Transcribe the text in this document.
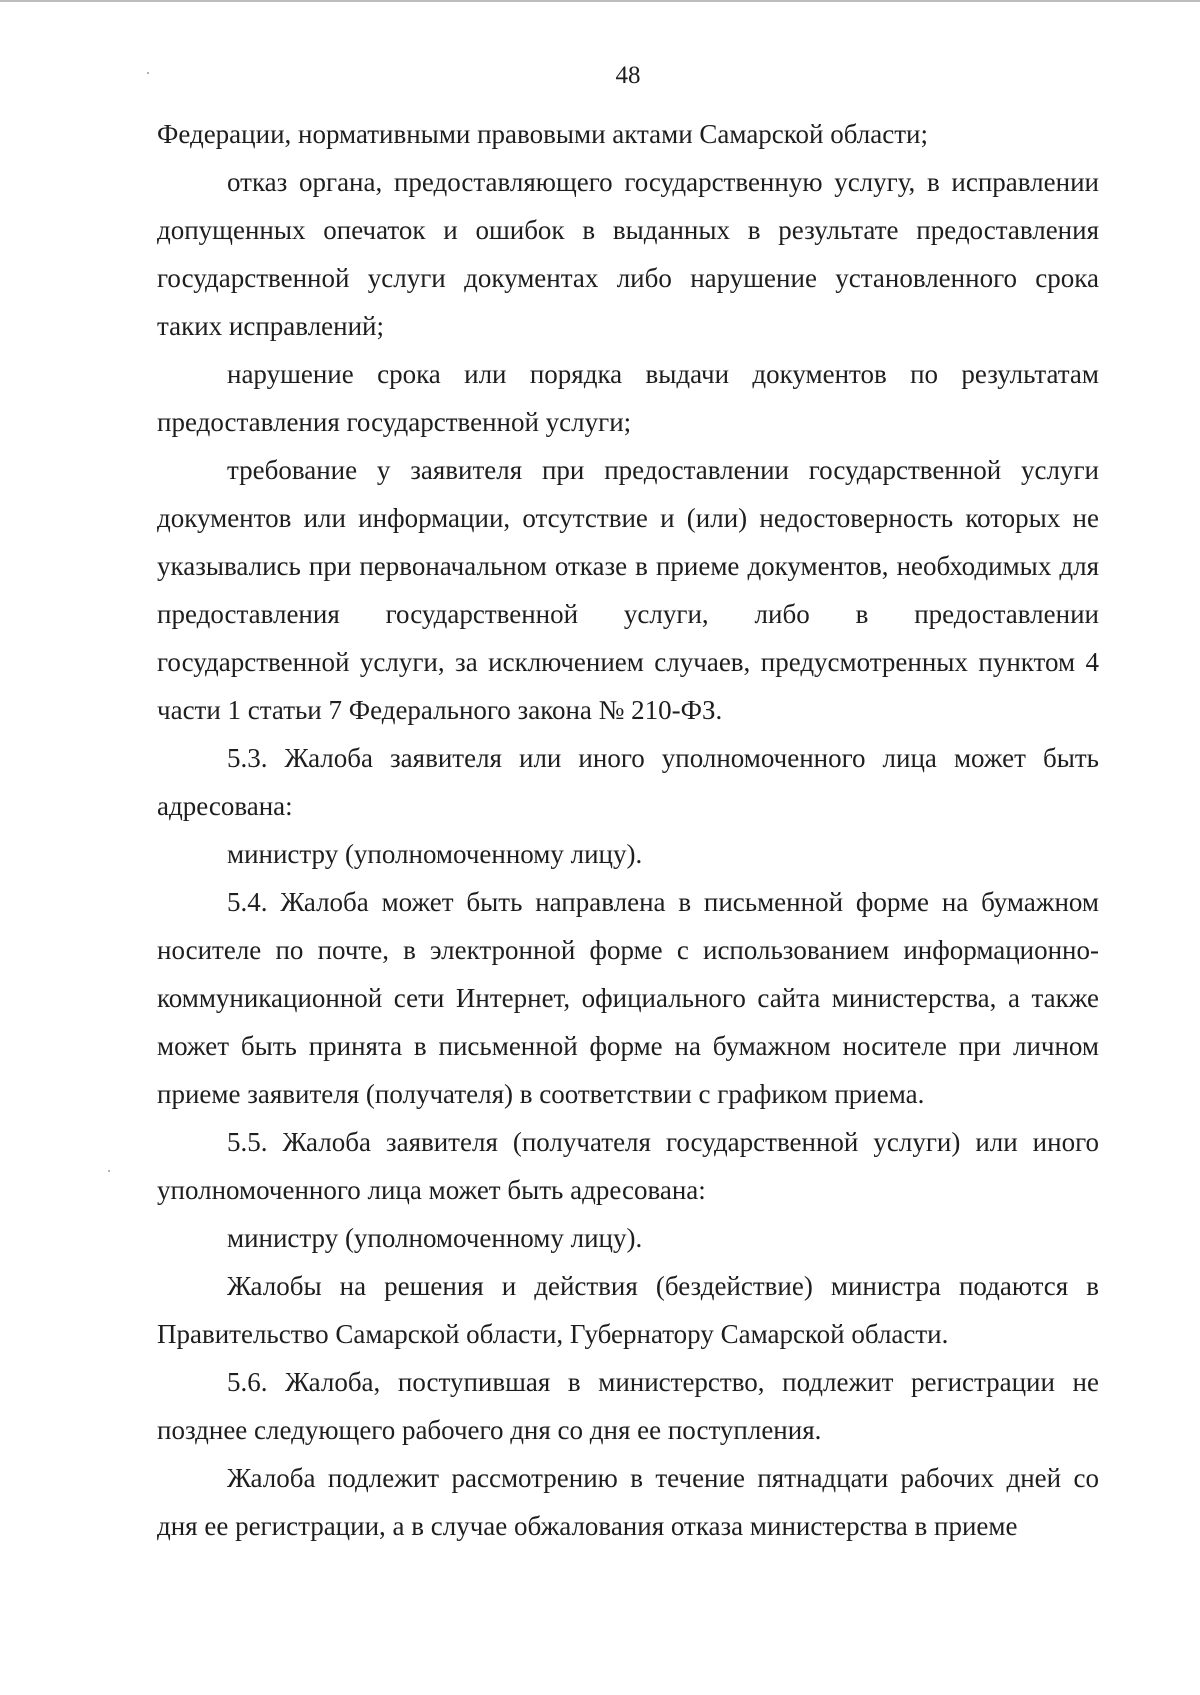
48

Федерации, нормативными правовыми актами Самарской области;

отказ органа, предоставляющего государственную услугу, в исправлении допущенных опечаток и ошибок в выданных в результате предоставления государственной услуги документах либо нарушение установленного срока таких исправлений;

нарушение срока или порядка выдачи документов по результатам предоставления государственной услуги;

требование у заявителя при предоставлении государственной услуги документов или информации, отсутствие и (или) недостоверность которых не указывались при первоначальном отказе в приеме документов, необходимых для предоставления государственной услуги, либо в предоставлении государственной услуги, за исключением случаев, предусмотренных пунктом 4 части 1 статьи 7 Федерального закона № 210-ФЗ.

5.3. Жалоба заявителя или иного уполномоченного лица может быть адресована:

министру (уполномоченному лицу).

5.4. Жалоба может быть направлена в письменной форме на бумажном носителе по почте, в электронной форме с использованием информационно-коммуникационной сети Интернет, официального сайта министерства, а также может быть принята в письменной форме на бумажном носителе при личном приеме заявителя (получателя) в соответствии с графиком приема.

5.5. Жалоба заявителя (получателя государственной услуги) или иного уполномоченного лица может быть адресована:

министру (уполномоченному лицу).

Жалобы на решения и действия (бездействие) министра подаются в Правительство Самарской области, Губернатору Самарской области.

5.6. Жалоба, поступившая в министерство, подлежит регистрации не позднее следующего рабочего дня со дня ее поступления.

Жалоба подлежит рассмотрению в течение пятнадцати рабочих дней со дня ее регистрации, а в случае обжалования отказа министерства в приеме
